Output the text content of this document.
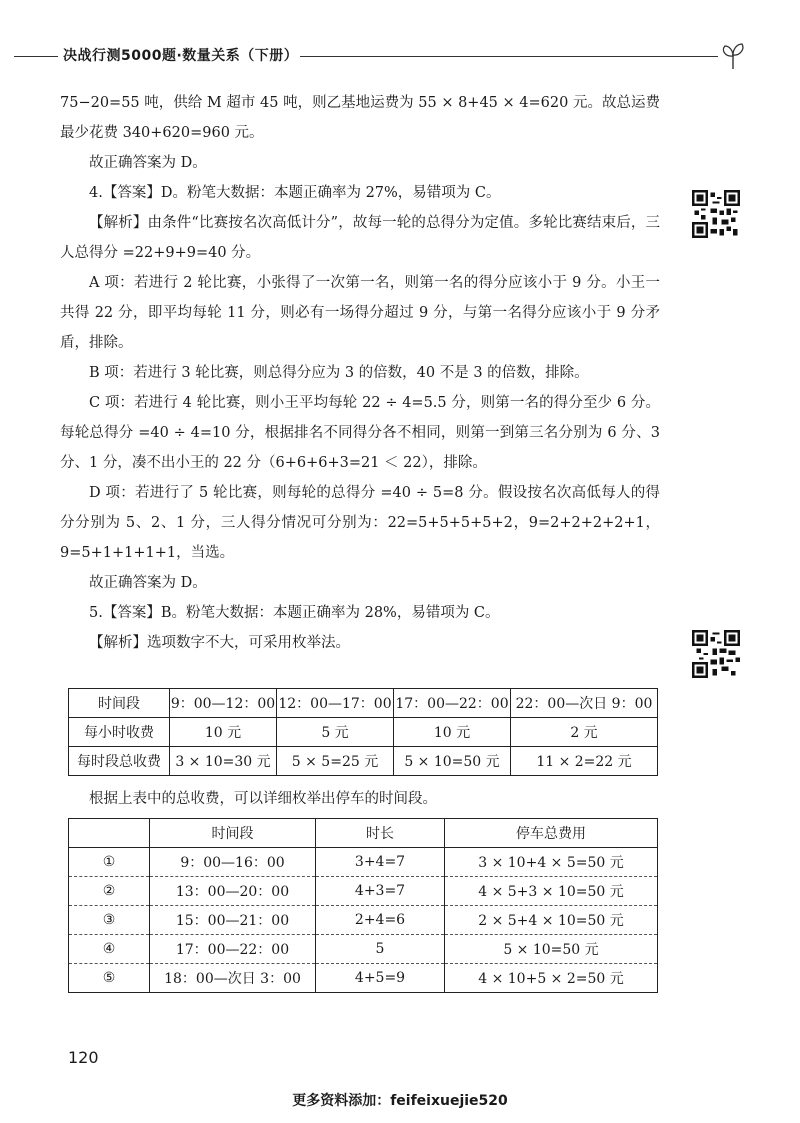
决战行测5000题·数量关系（下册）

75−20=55 吨，供给 M 超市 45 吨，则乙基地运费为 55 × 8+45 × 4=620 元。故总运费最少花费 340+620=960 元。

故正确答案为 D。

4.【答案】D。粉笔大数据：本题正确率为 27%，易错项为 C。

【解析】由条件“比赛按名次高低计分”，故每一轮的总得分为定值。多轮比赛结束后，三人总得分 =22+9+9=40 分。

A 项：若进行 2 轮比赛，小张得了一次第一名，则第一名的得分应该小于 9 分。小王一共得 22 分，即平均每轮 11 分，则必有一场得分超过 9 分，与第一名得分应该小于 9 分矛盾，排除。

B 项：若进行 3 轮比赛，则总得分应为 3 的倍数，40 不是 3 的倍数，排除。

C 项：若进行 4 轮比赛，则小王平均每轮 22 ÷ 4=5.5 分，则第一名的得分至少 6 分。每轮总得分 =40 ÷ 4=10 分，根据排名不同得分各不相同，则第一到第三名分别为 6 分、3 分、1 分，凑不出小王的 22 分（6+6+6+3=21 ＜ 22），排除。

D 项：若进行了 5 轮比赛，则每轮的总得分 =40 ÷ 5=8 分。假设按名次高低每人的得分分别为 5、2、1 分，三人得分情况可分别为：22=5+5+5+5+2，9=2+2+2+2+1，9=5+1+1+1+1，当选。

故正确答案为 D。

5.【答案】B。粉笔大数据：本题正确率为 28%，易错项为 C。

【解析】选项数字不大，可采用枚举法。

时间段	9：00—12：00	12：00—17：00	17：00—22：00	22：00—次日 9：00
每小时收费	10 元	5 元	10 元	2 元
每时段总收费	3 × 10=30 元	5 × 5=25 元	5 × 10=50 元	11 × 2=22 元
根据上表中的总收费，可以详细枚举出停车的时间段。
	时间段	时长	停车总费用
①	9：00—16：00	3+4=7	3 × 10+4 × 5=50 元
②	13：00—20：00	4+3=7	4 × 5+3 × 10=50 元
③	15：00—21：00	2+4=6	2 × 5+4 × 10=50 元
④	17：00—22：00	5	5 × 10=50 元
⑤	18：00—次日 3：00	4+5=9	4 × 10+5 × 2=50 元
120
更多资料添加：feifeixuejie520
